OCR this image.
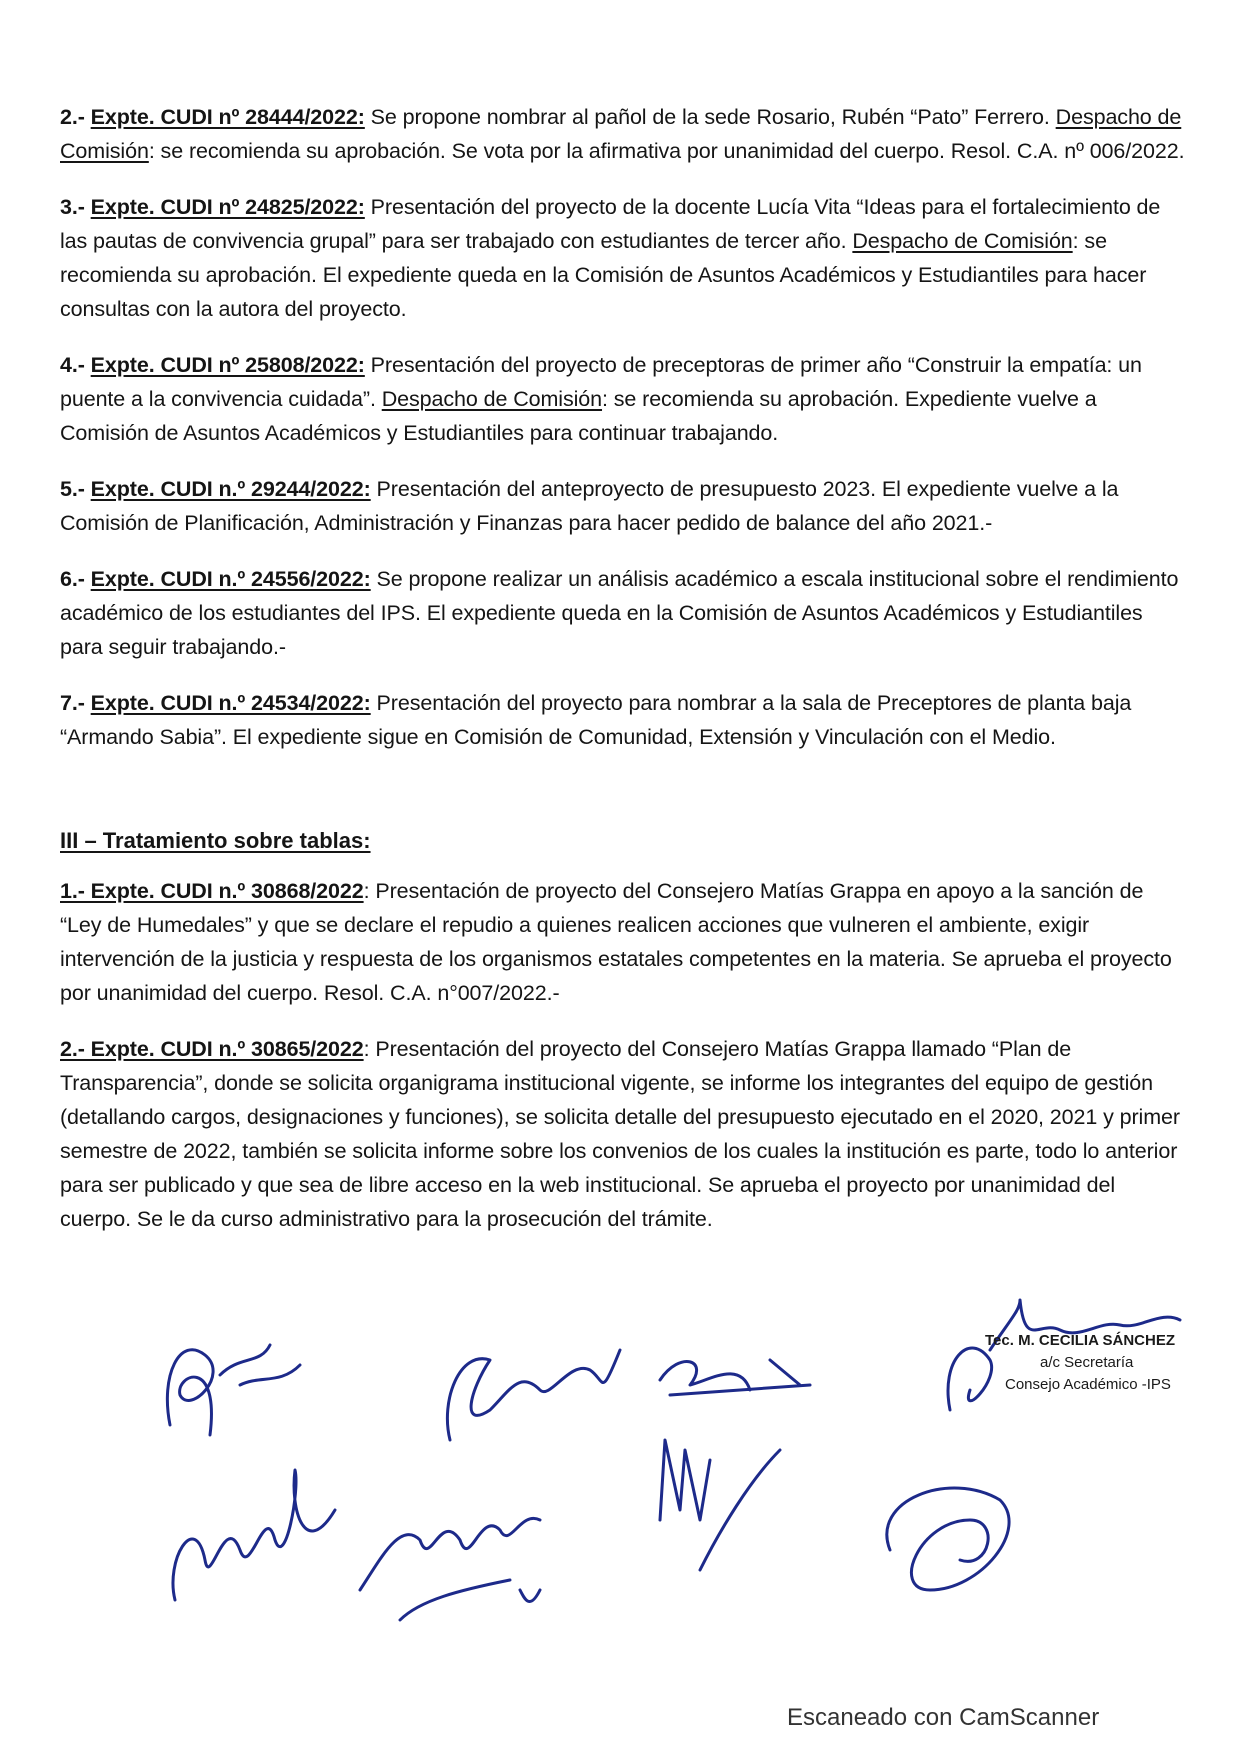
2.- Expte. CUDI nº 28444/2022: Se propone nombrar al pañol de la sede Rosario, Rubén “Pato” Ferrero. Despacho de Comisión: se recomienda su aprobación. Se vota por la afirmativa por unanimidad del cuerpo. Resol. C.A. nº 006/2022.

3.- Expte. CUDI nº 24825/2022: Presentación del proyecto de la docente Lucía Vita “Ideas para el fortalecimiento de las pautas de convivencia grupal” para ser trabajado con estudiantes de tercer año. Despacho de Comisión: se recomienda su aprobación. El expediente queda en la Comisión de Asuntos Académicos y Estudiantiles para hacer consultas con la autora del proyecto.

4.- Expte. CUDI nº 25808/2022: Presentación del proyecto de preceptoras de primer año “Construir la empatía: un puente a la convivencia cuidada”. Despacho de Comisión: se recomienda su aprobación. Expediente vuelve a Comisión de Asuntos Académicos y Estudiantiles para continuar trabajando.

5.- Expte. CUDI n.º 29244/2022: Presentación del anteproyecto de presupuesto 2023. El expediente vuelve a la Comisión de Planificación, Administración y Finanzas para hacer pedido de balance del año 2021.-

6.- Expte. CUDI n.º 24556/2022: Se propone realizar un análisis académico a escala institucional sobre el rendimiento académico de los estudiantes del IPS. El expediente queda en la Comisión de Asuntos Académicos y Estudiantiles para seguir trabajando.-

7.- Expte. CUDI n.º 24534/2022: Presentación del proyecto para nombrar a la sala de Preceptores de planta baja “Armando Sabia”. El expediente sigue en Comisión de Comunidad, Extensión y Vinculación con el Medio.

III – Tratamiento sobre tablas:

1.- Expte. CUDI n.º 30868/2022: Presentación de proyecto del Consejero Matías Grappa en apoyo a la sanción de “Ley de Humedales” y que se declare el repudio a quienes realicen acciones que vulneren el ambiente, exigir intervención de la justicia y respuesta de los organismos estatales competentes en la materia. Se aprueba el proyecto por unanimidad del cuerpo. Resol. C.A. n°007/2022.-

2.- Expte. CUDI n.º 30865/2022: Presentación del proyecto del Consejero Matías Grappa llamado “Plan de Transparencia”, donde se solicita organigrama institucional vigente, se informe los integrantes del equipo de gestión (detallando cargos, designaciones y funciones), se solicita detalle del presupuesto ejecutado en el 2020, 2021 y primer semestre de 2022, también se solicita informe sobre los convenios de los cuales la institución es parte, todo lo anterior para ser publicado y que sea de libre acceso en la web institucional. Se aprueba el proyecto por unanimidad del cuerpo. Se le da curso administrativo para la prosecución del trámite.

Tec. M. CECILIA SÁNCHEZ
a/c Secretaría
Consejo Académico -IPS
Escaneado con CamScanner
